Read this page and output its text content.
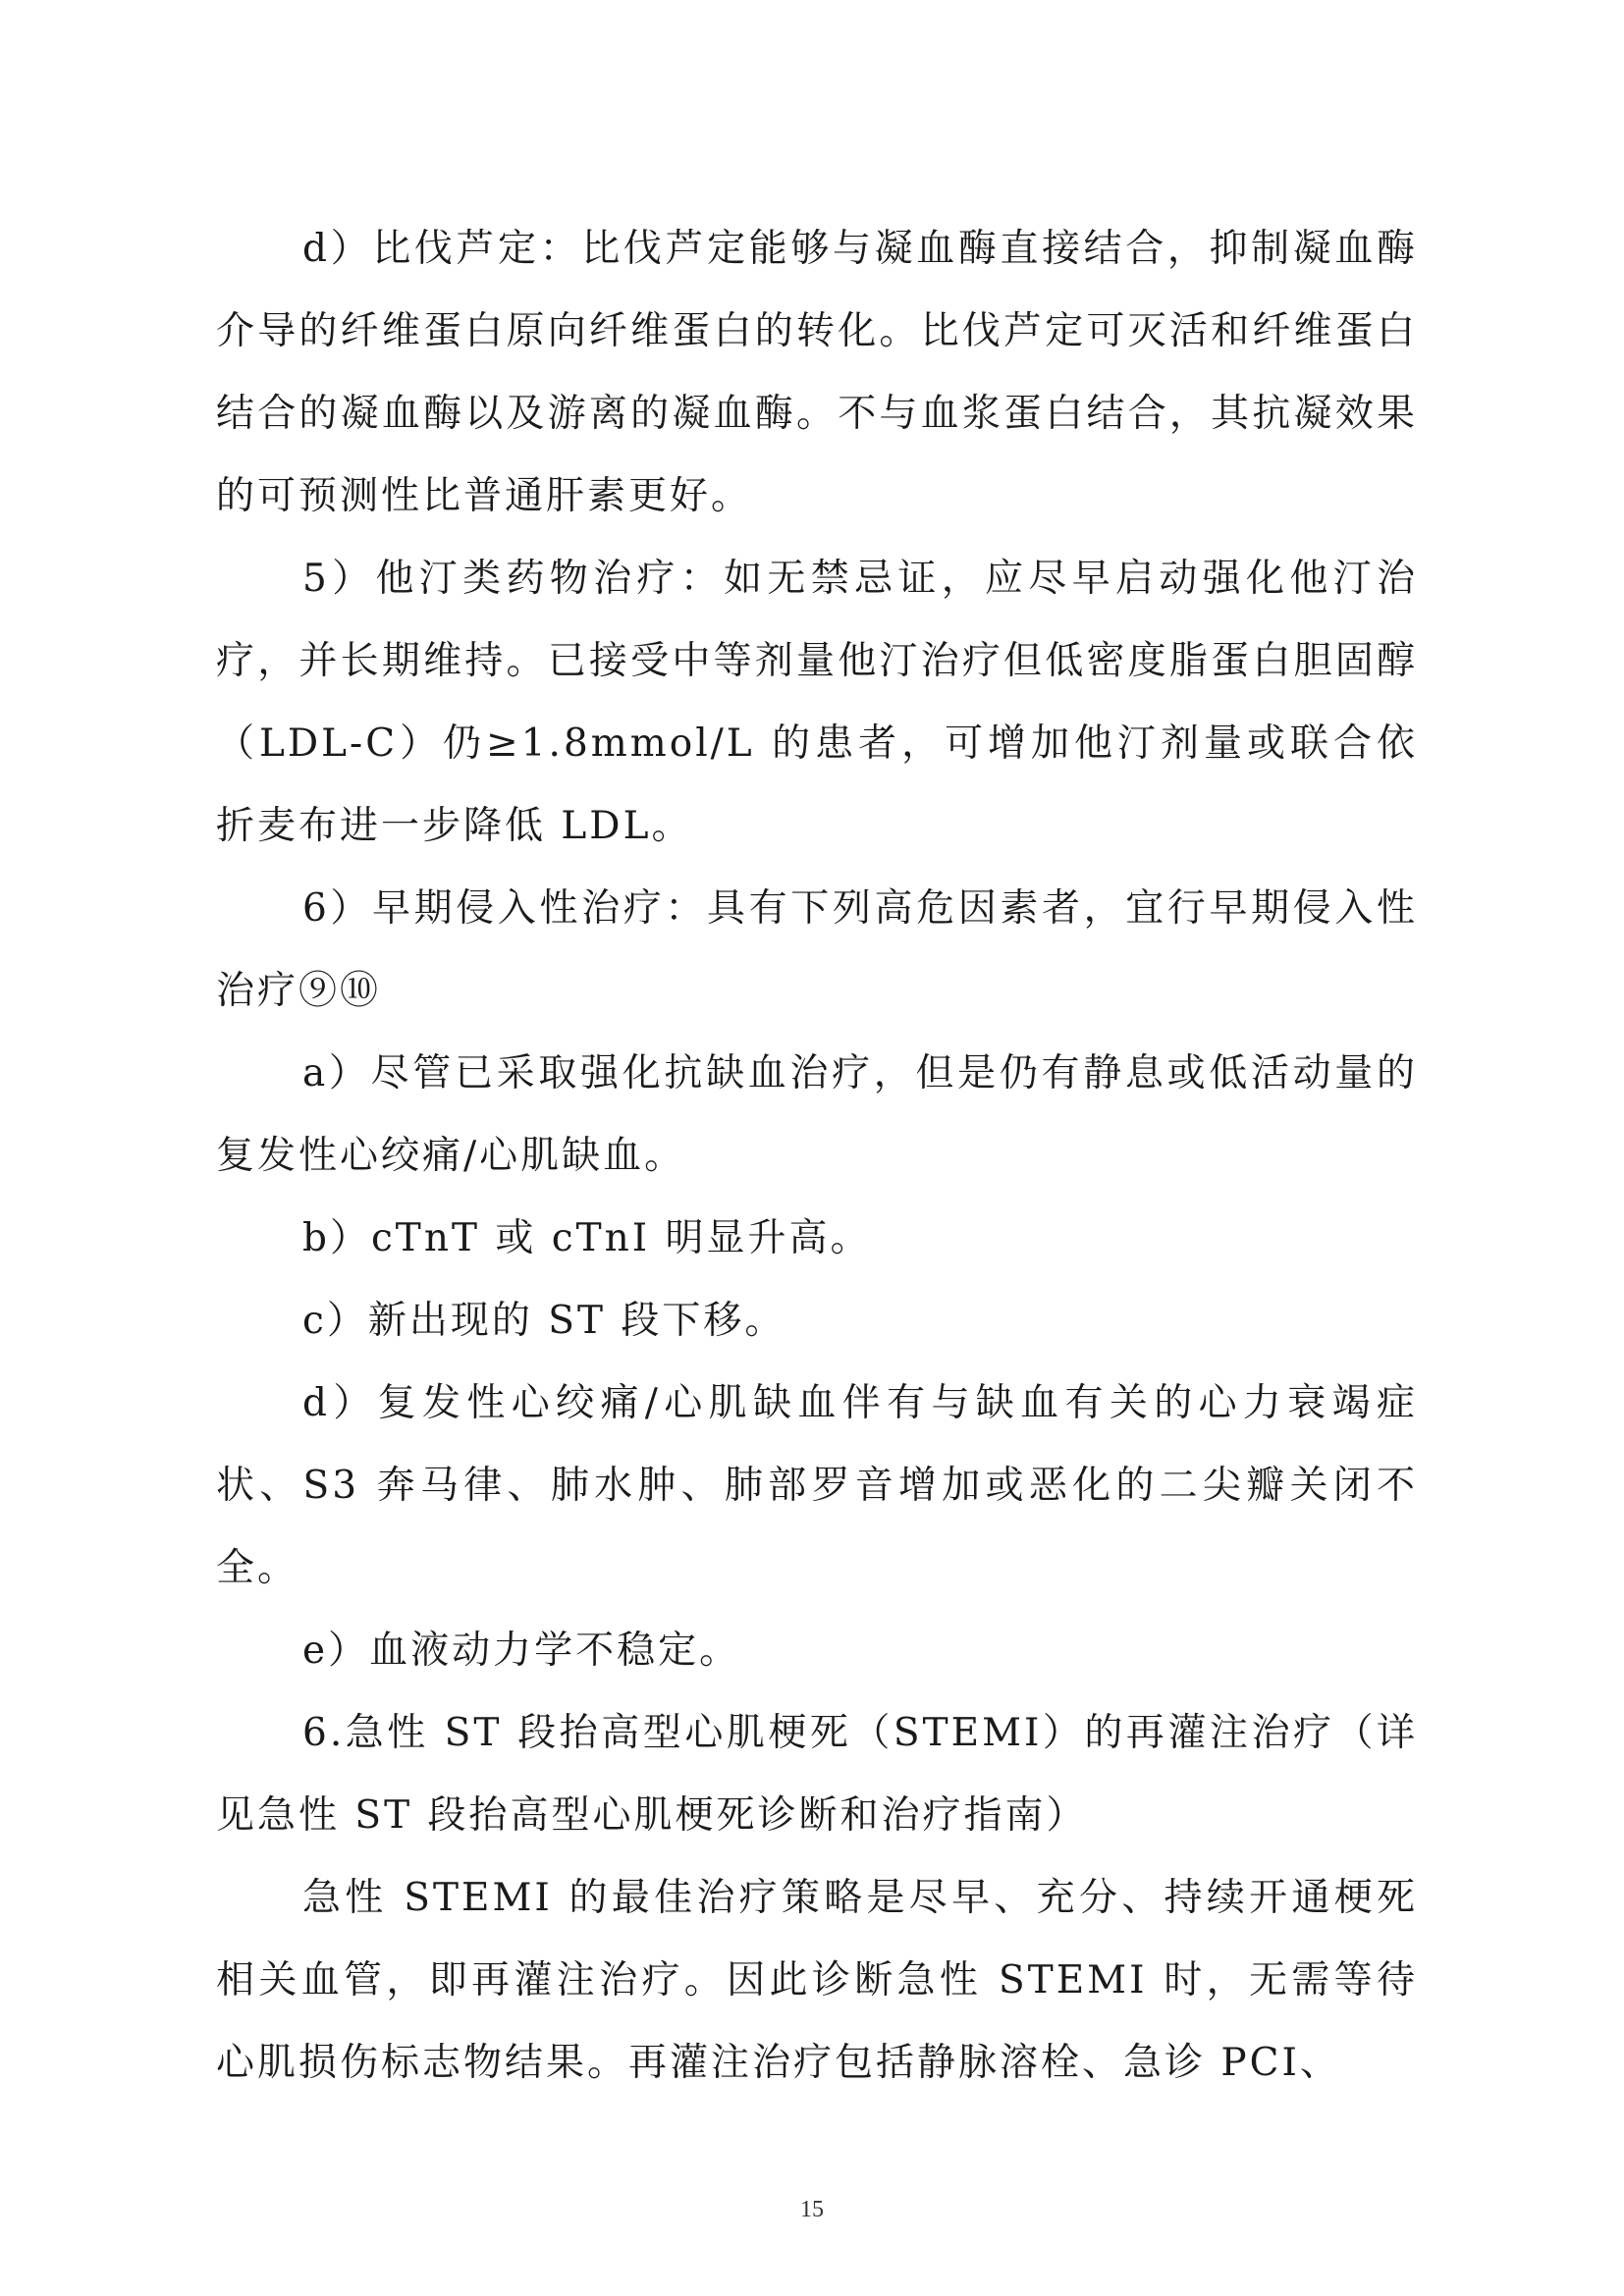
d）比伐芦定：比伐芦定能够与凝血酶直接结合，抑制凝血酶介导的纤维蛋白原向纤维蛋白的转化。比伐芦定可灭活和纤维蛋白结合的凝血酶以及游离的凝血酶。不与血浆蛋白结合，其抗凝效果的可预测性比普通肝素更好。

5）他汀类药物治疗：如无禁忌证，应尽早启动强化他汀治疗，并长期维持。已接受中等剂量他汀治疗但低密度脂蛋白胆固醇（LDL-C）仍≥1.8mmol/L 的患者，可增加他汀剂量或联合依折麦布进一步降低 LDL。

6）早期侵入性治疗：具有下列高危因素者，宜行早期侵入性治疗⑨⑩

a）尽管已采取强化抗缺血治疗，但是仍有静息或低活动量的复发性心绞痛/心肌缺血。

b）cTnT 或 cTnI 明显升高。

c）新出现的 ST 段下移。

d）复发性心绞痛/心肌缺血伴有与缺血有关的心力衰竭症状、S3 奔马律、肺水肿、肺部罗音增加或恶化的二尖瓣关闭不全。

e）血液动力学不稳定。

6.急性 ST 段抬高型心肌梗死（STEMI）的再灌注治疗（详见急性 ST 段抬高型心肌梗死诊断和治疗指南）

急性 STEMI 的最佳治疗策略是尽早、充分、持续开通梗死相关血管，即再灌注治疗。因此诊断急性 STEMI 时，无需等待心肌损伤标志物结果。再灌注治疗包括静脉溶栓、急诊 PCI、

15
